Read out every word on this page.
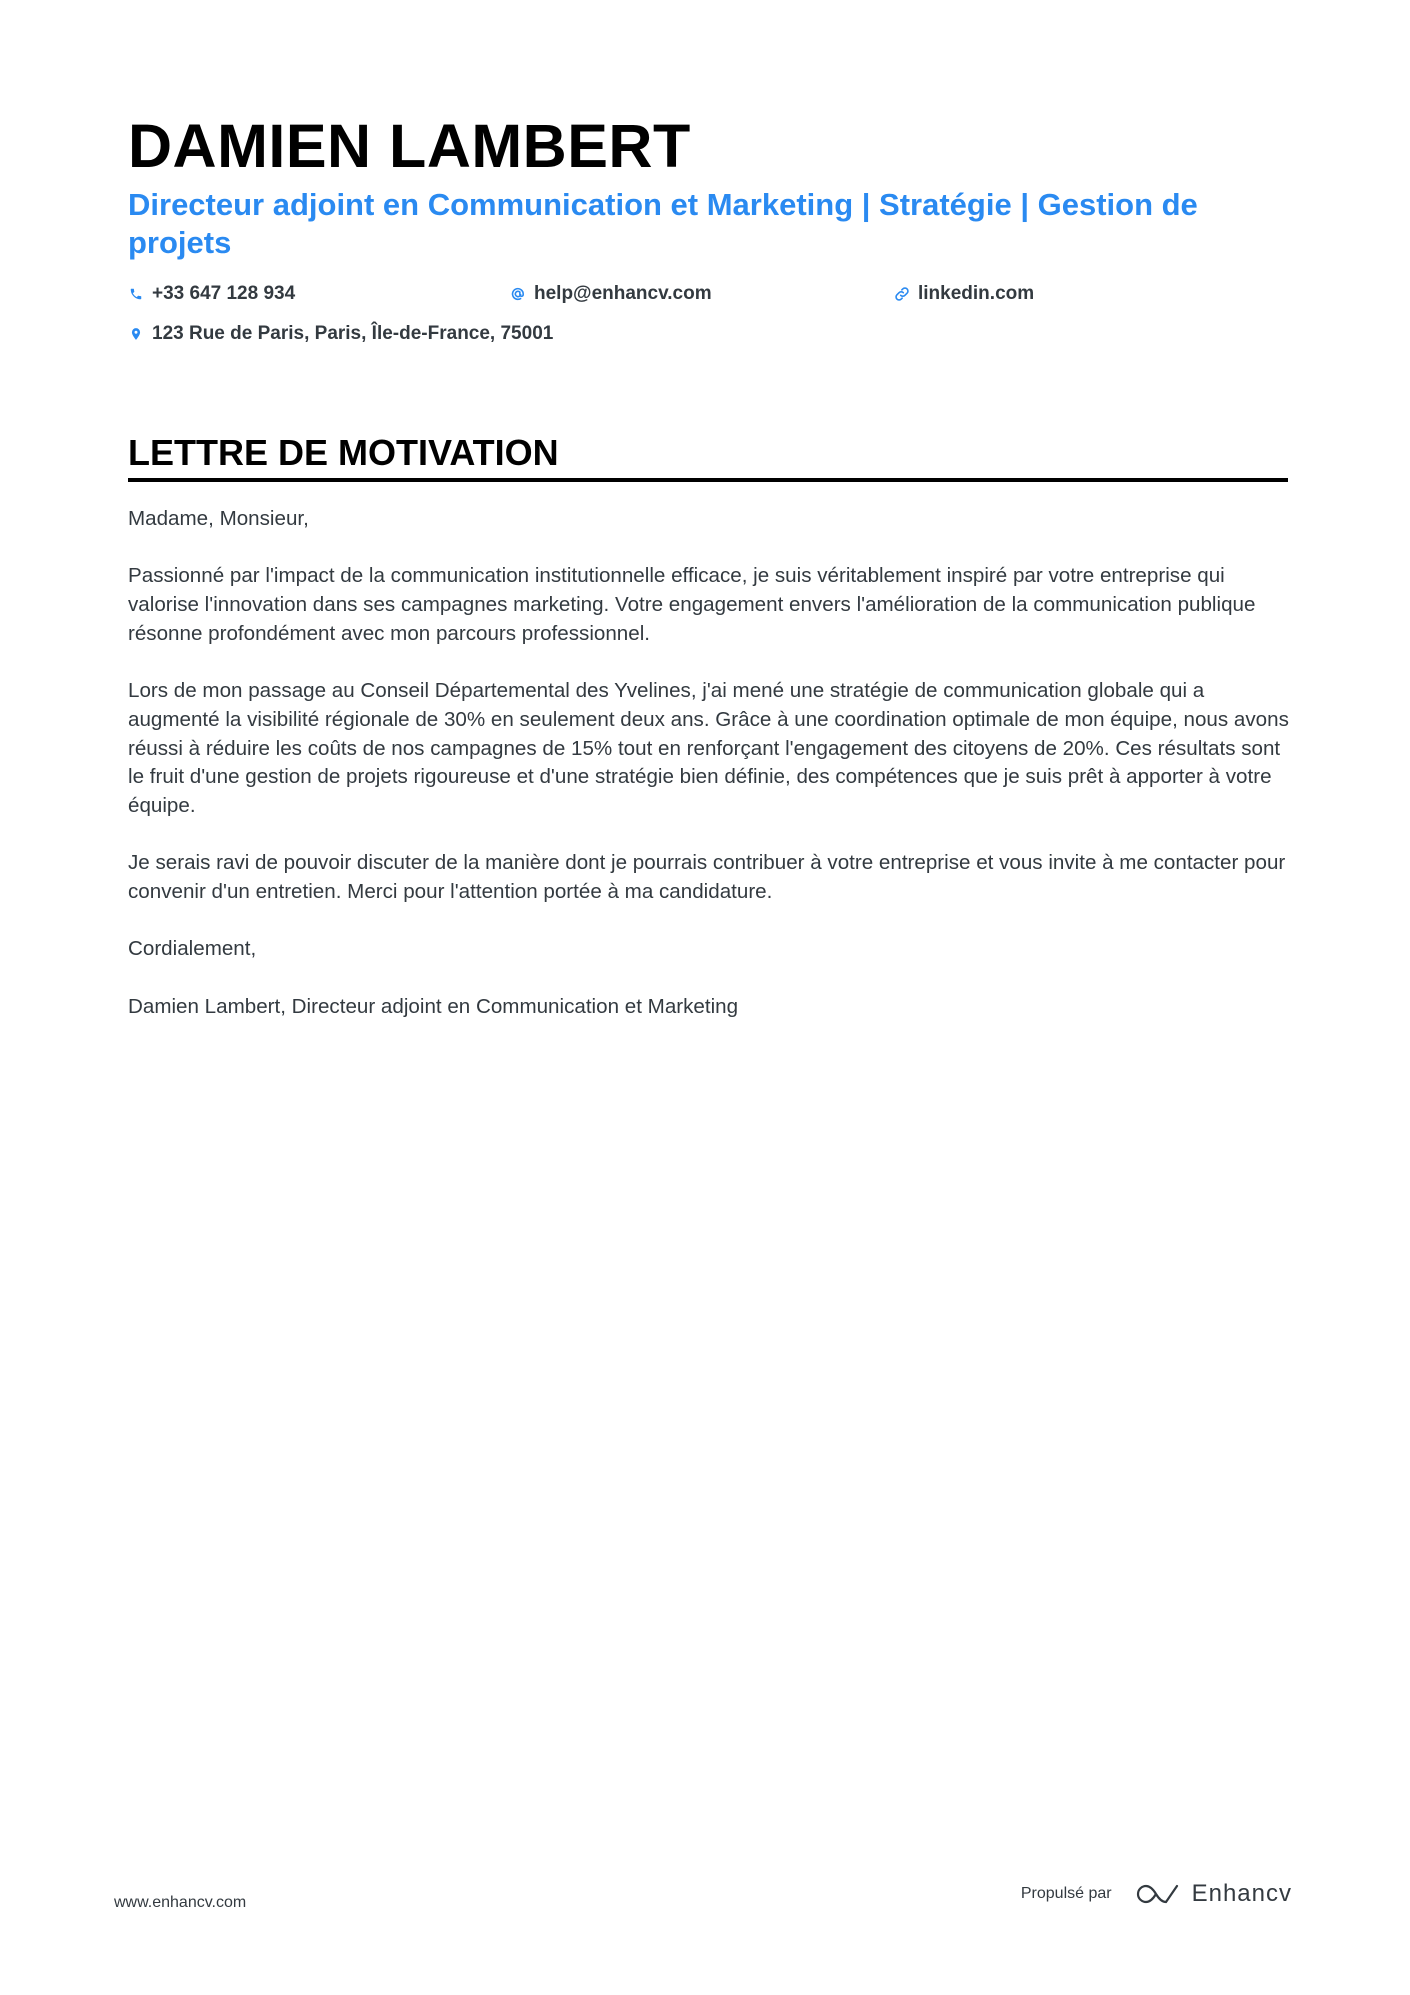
DAMIEN LAMBERT
Directeur adjoint en Communication et Marketing | Stratégie | Gestion de projets
+33 647 128 934	help@enhancv.com	linkedin.com
123 Rue de Paris, Paris, Île-de-France, 75001
LETTRE DE MOTIVATION

Madame, Monsieur,

Passionné par l'impact de la communication institutionnelle efficace, je suis véritablement inspiré par votre entreprise qui valorise l'innovation dans ses campagnes marketing. Votre engagement envers l'amélioration de la communication publique résonne profondément avec mon parcours professionnel.

Lors de mon passage au Conseil Départemental des Yvelines, j'ai mené une stratégie de communication globale qui a augmenté la visibilité régionale de 30% en seulement deux ans. Grâce à une coordination optimale de mon équipe, nous avons réussi à réduire les coûts de nos campagnes de 15% tout en renforçant l'engagement des citoyens de 20%. Ces résultats sont le fruit d'une gestion de projets rigoureuse et d'une stratégie bien définie, des compétences que je suis prêt à apporter à votre équipe.

Je serais ravi de pouvoir discuter de la manière dont je pourrais contribuer à votre entreprise et vous invite à me contacter pour convenir d'un entretien. Merci pour l'attention portée à ma candidature.

Cordialement,

Damien Lambert, Directeur adjoint en Communication et Marketing

www.enhancv.com
Propulsé par	Enhancv
